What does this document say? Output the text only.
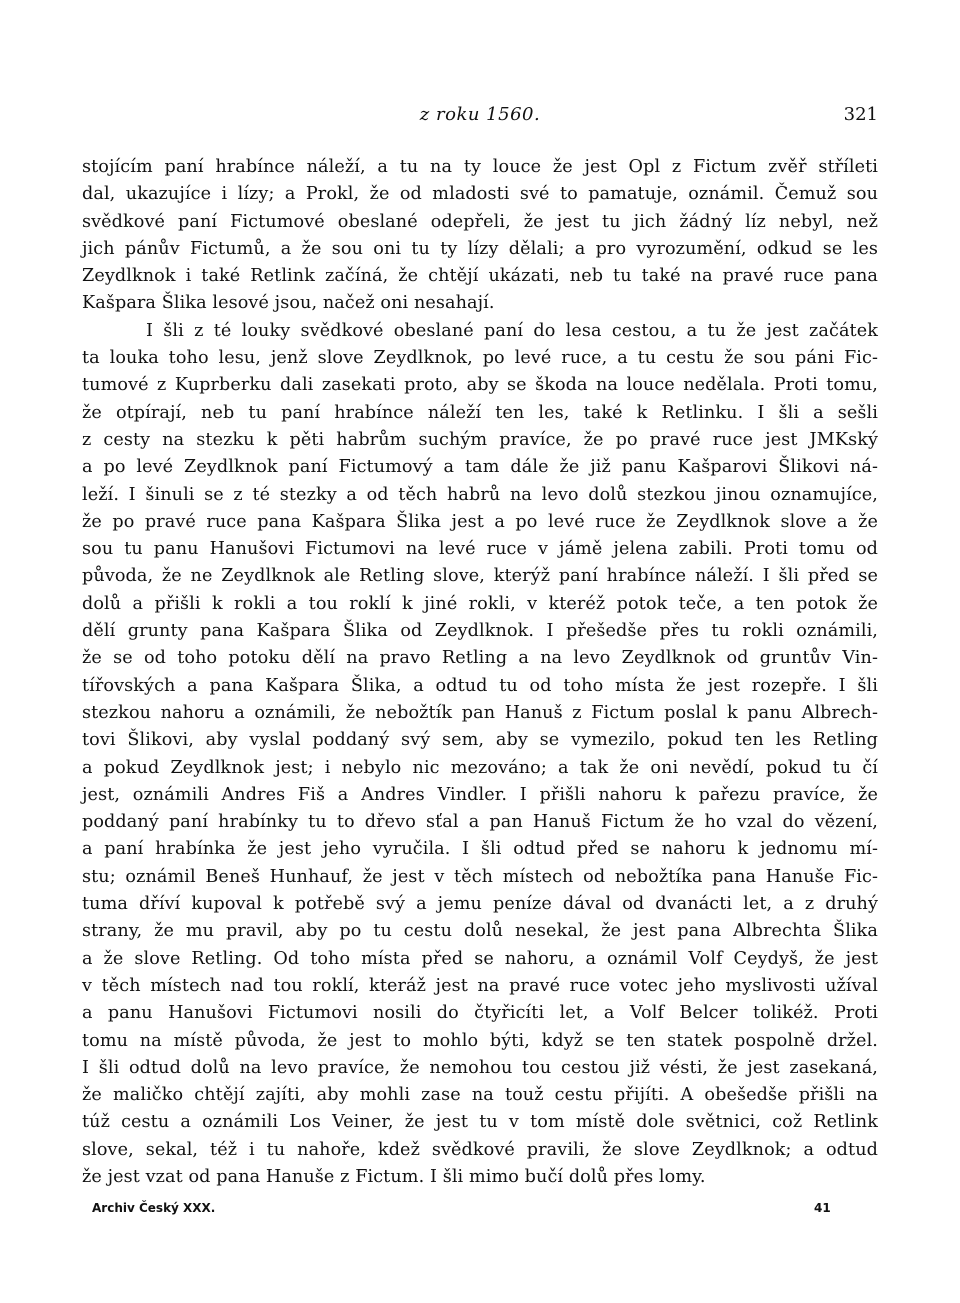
z roku 1560.	321
stojícím paní hrabínce náleží, a tu na ty louce že jest Opl z Fictum zvěř stříleti
dal, ukazujíce i lízy; a Prokl, že od mladosti své to pamatuje, oznámil. Čemuž sou
svědkové paní Fictumové obeslané odepřeli, že jest tu jich žádný líz nebyl, než
jich pánův Fictumů, a že sou oni tu ty lízy dělali; a pro vyrozumění, odkud se les
Zeydlknok i také Retlink začíná, že chtějí ukázati, neb tu také na pravé ruce pana
Kašpara Šlika lesové jsou, načež oni nesahají.
I šli z té louky svědkové obeslané paní do lesa cestou, a tu že jest začátek
ta louka toho lesu, jenž slove Zeydlknok, po levé ruce, a tu cestu že sou páni Fic-
tumové z Kuprberku dali zasekati proto, aby se škoda na louce nedělala. Proti tomu,
že otpírají, neb tu paní hrabínce náleží ten les, také k Retlinku. I šli a sešli
z cesty na stezku k pěti habrům suchým pravíce, že po pravé ruce jest JMKský
a po levé Zeydlknok paní Fictumový a tam dále že již panu Kašparovi Šlikovi ná-
leží. I šinuli se z té stezky a od těch habrů na levo dolů stezkou jinou oznamujíce,
že po pravé ruce pana Kašpara Šlika jest a po levé ruce že Zeydlknok slove a že
sou tu panu Hanušovi Fictumovi na levé ruce v jámě jelena zabili. Proti tomu od
původa, že ne Zeydlknok ale Retling slove, kterýž paní hrabínce náleží. I šli před se
dolů a přišli k rokli a tou roklí k jiné rokli, v kteréž potok teče, a ten potok že
dělí grunty pana Kašpara Šlika od Zeydlknok. I přešedše přes tu rokli oznámili,
že se od toho potoku dělí na pravo Retling a na levo Zeydlknok od gruntův Vin-
tířovských a pana Kašpara Šlika, a odtud tu od toho místa že jest rozepře. I šli
stezkou nahoru a oznámili, že nebožtík pan Hanuš z Fictum poslal k panu Albrech-
tovi Šlikovi, aby vyslal poddaný svý sem, aby se vymezilo, pokud ten les Retling
a pokud Zeydlknok jest; i nebylo nic mezováno; a tak že oni nevědí, pokud tu čí
jest, oznámili Andres Fiš a Andres Vindler. I přišli nahoru k pařezu pravíce, že
poddaný paní hrabínky tu to dřevo sťal a pan Hanuš Fictum že ho vzal do vězení,
a paní hrabínka že jest jeho vyručila. I šli odtud před se nahoru k jednomu mí-
stu; oznámil Beneš Hunhauf, že jest v těch místech od nebožtíka pana Hanuše Fic-
tuma dříví kupoval k potřebě svý a jemu peníze dával od dvanácti let, a z druhý
strany, že mu pravil, aby po tu cestu dolů nesekal, že jest pana Albrechta Šlika
a že slove Retling. Od toho místa před se nahoru, a oznámil Volf Ceydyš, že jest
v těch místech nad tou roklí, kteráž jest na pravé ruce votec jeho myslivosti užíval
a panu Hanušovi Fictumovi nosili do čtyřicíti let, a Volf Belcer tolikéž. Proti
tomu na místě původa, že jest to mohlo býti, když se ten statek pospolně držel.
I šli odtud dolů na levo pravíce, že nemohou tou cestou již vésti, že jest zasekaná,
že maličko chtějí zajíti, aby mohli zase na touž cestu přijíti. A obešedše přišli na
túž cestu a oznámili Los Veiner, že jest tu v tom místě dole světnici, což Retlink
slove, sekal, též i tu nahoře, kdež svědkové pravili, že slove Zeydlknok; a odtud
že jest vzat od pana Hanuše z Fictum. I šli mimo bučí dolů přes lomy.
Archiv Český XXX.	41
